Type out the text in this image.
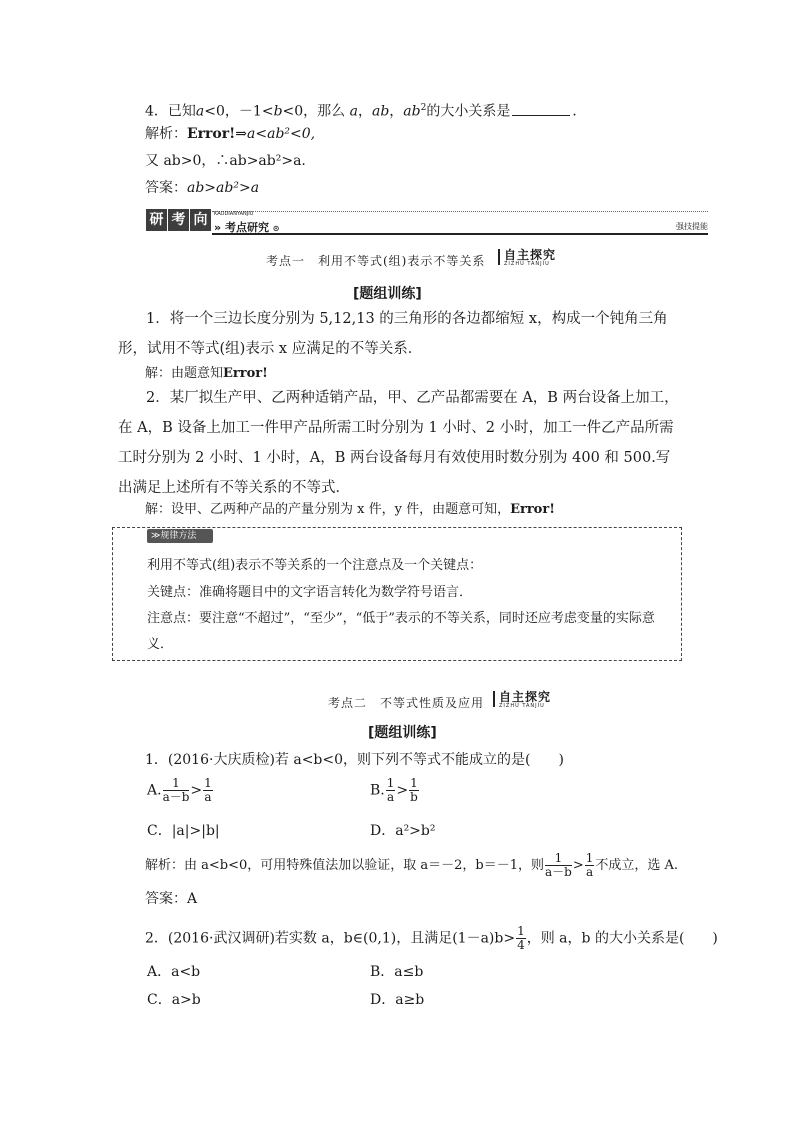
4．已知a<0，－1<b<0，那么 a，ab，$ab^2$的大小关系是	．
解析：Error!⇒a<ab²<0,
又 ab>0，∴ab>ab²>a.
答案：ab>ab²>a
研 考 向	KAODIANYANJIU
» 考点研究 ⊙	强技提能
考点一　利用不等式(组)表示不等关系 自主探究
ZIZHU TANJIU
[题组训练]
1．将一个三边长度分别为 5,12,13 的三角形的各边都缩短 x，构成一个钝角三角形，试用不等式(组)表示 x 应满足的不等关系．
解：由题意知Error!
2．某厂拟生产甲、乙两种适销产品，甲、乙产品都需要在 A，B 两台设备上加工，在 A，B 设备上加工一件甲产品所需工时分别为 1 小时、2 小时，加工一件乙产品所需工时分别为 2 小时、1 小时，A，B 两台设备每月有效使用时数分别为 400 和 500.写出满足上述所有不等关系的不等式．
解：设甲、乙两种产品的产量分别为 x 件，y 件，由题意可知，Error!
≫规律方法
利用不等式(组)表示不等关系的一个注意点及一个关键点：
关键点：准确将题目中的文字语言转化为数学符号语言．
注意点：要注意“不超过”，“至少”，“低于”表示的不等关系，同时还应考虑变量的实际意义．
考点二　不等式性质及应用 自主探究
ZIZHU TANJIU
[题组训练]
1．(2016·大庆质检)若 a<b<0，则下列不等式不能成立的是(　　)
A. $\frac{1}{a-b} > \frac{1}{a}$	B. $\frac{1}{a} > \frac{1}{b}$
C．|a|>|b|	D．a²>b²
解析：由 a<b<0，可用特殊值法加以验证，取 a＝－2，b＝－1，则 $\frac{1}{a-b} > \frac{1}{a}$ 不成立，选 A.
答案：A
2．(2016·武汉调研)若实数 a，b∈(0,1)，且满足$(1-a)b> \frac{1}{4}$ ，则 a，b 的大小关系是(　　)
A．a<b	B．a≤b
C．a>b	D．a≥b
